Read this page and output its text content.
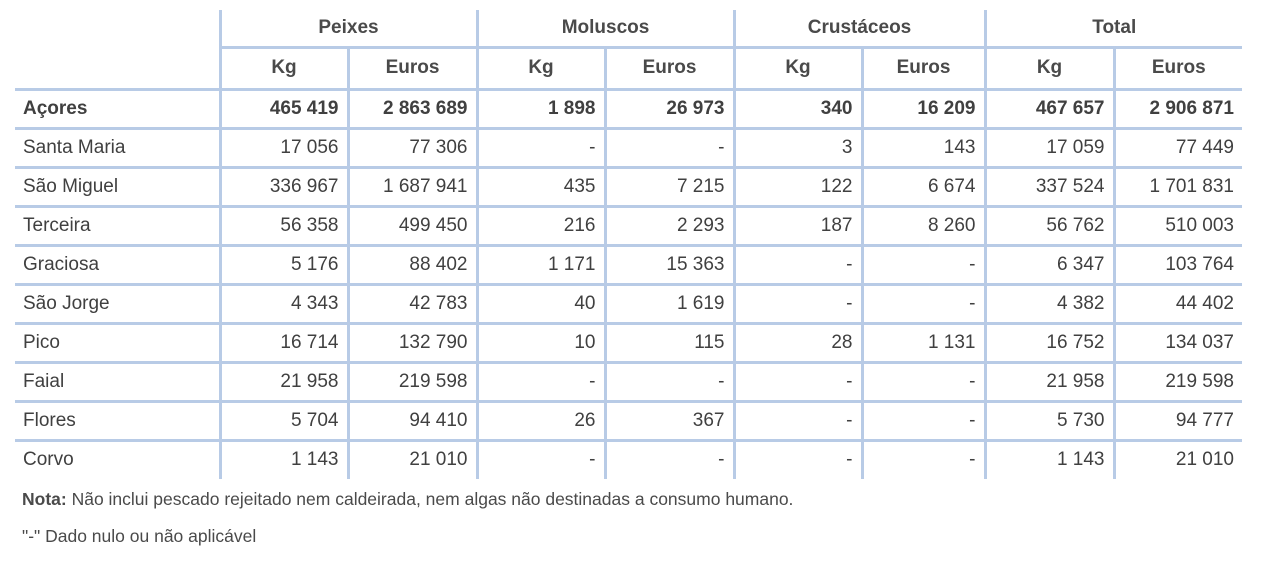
	Peixes		Moluscos		Crustáceos		Total	
	Kg	Euros	Kg	Euros	Kg	Euros	Kg	Euros
Açores	465 419	2 863 689	1 898	26 973	340	16 209	467 657	2 906 871
Santa Maria	17 056	77 306	-	-	3	143	17 059	77 449
São Miguel	336 967	1 687 941	435	7 215	122	6 674	337 524	1 701 831
Terceira	56 358	499 450	216	2 293	187	8 260	56 762	510 003
Graciosa	5 176	88 402	1 171	15 363	-	-	6 347	103 764
São Jorge	4 343	42 783	40	1 619	-	-	4 382	44 402
Pico	16 714	132 790	10	115	28	1 131	16 752	134 037
Faial	21 958	219 598	-	-	-	-	21 958	219 598
Flores	5 704	94 410	26	367	-	-	5 730	94 777
Corvo	1 143	21 010	-	-	-	-	1 143	21 010
Nota: Não inclui pescado rejeitado nem caldeirada, nem algas não destinadas a consumo humano.
"-" Dado nulo ou não aplicável
